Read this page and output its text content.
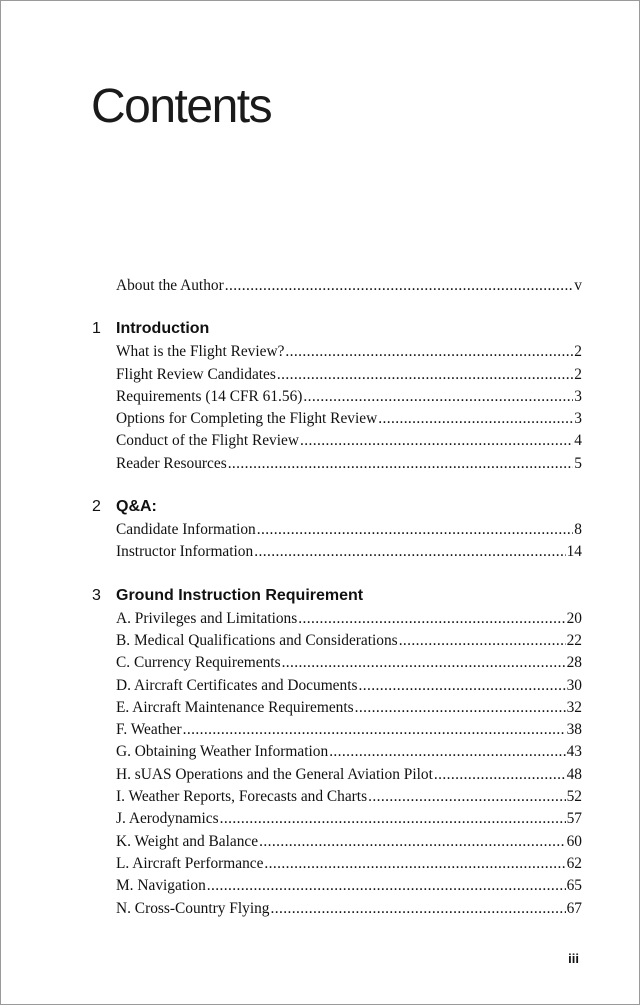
Contents
About the Author .....	v
1 Introduction
What is the Flight Review? .....	2
Flight Review Candidates .....	2
Requirements (14 CFR 61.56) .....	3
Options for Completing the Flight Review .....	3
Conduct of the Flight Review .....	4
Reader Resources .....	5
2 Q&A:
Candidate Information .....	8
Instructor Information .....	14
3 Ground Instruction Requirement
A. Privileges and Limitations .....	20
B. Medical Qualifications and Considerations .....	22
C. Currency Requirements .....	28
D. Aircraft Certificates and Documents .....	30
E. Aircraft Maintenance Requirements .....	32
F. Weather .....	38
G. Obtaining Weather Information .....	43
H. sUAS Operations and the General Aviation Pilot .....	48
I. Weather Reports, Forecasts and Charts .....	52
J. Aerodynamics .....	57
K. Weight and Balance .....	60
L. Aircraft Performance .....	62
M. Navigation .....	65
N. Cross-Country Flying .....	67
iii
